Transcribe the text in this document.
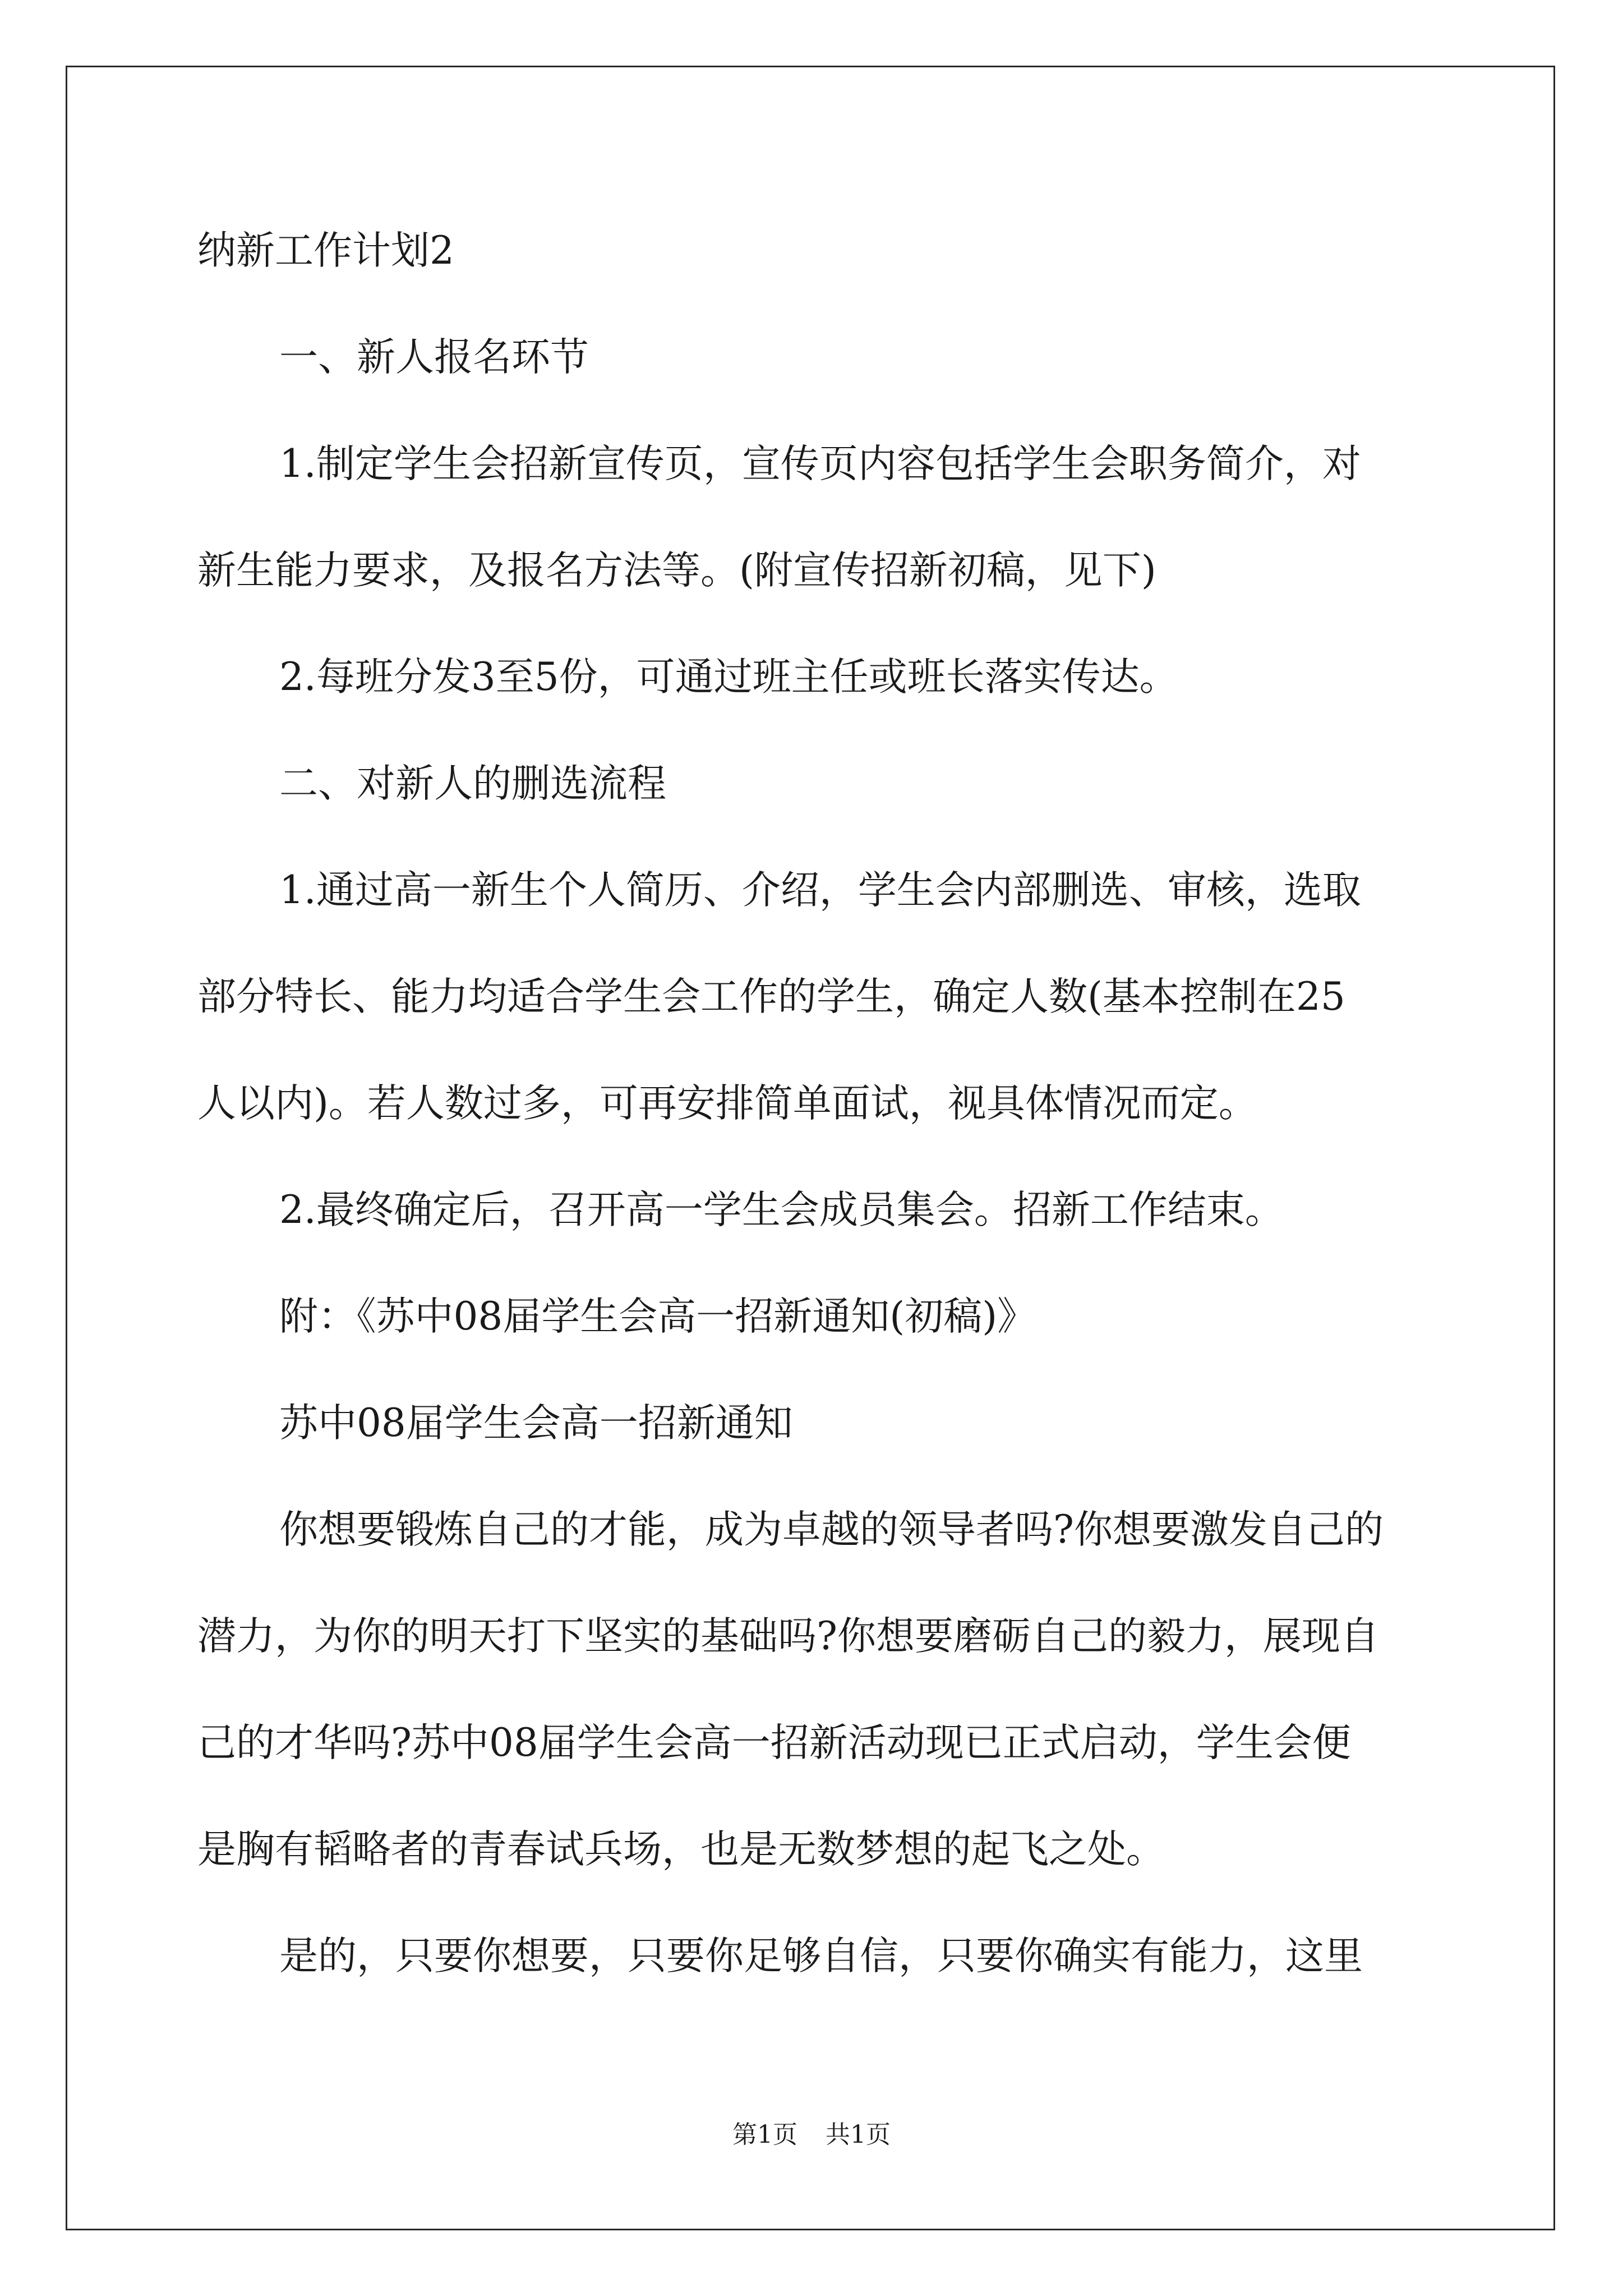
纳新工作计划2
一、新人报名环节
1.制定学生会招新宣传页，宣传页内容包括学生会职务简介，对
新生能力要求，及报名方法等。(附宣传招新初稿，见下)
2.每班分发3至5份，可通过班主任或班长落实传达。
二、对新人的删选流程
1.通过高一新生个人简历、介绍，学生会内部删选、审核，选取
部分特长、能力均适合学生会工作的学生，确定人数(基本控制在25
人以内)。若人数过多，可再安排简单面试，视具体情况而定。
2.最终确定后，召开高一学生会成员集会。招新工作结束。
附：《苏中08届学生会高一招新通知(初稿)》
苏中08届学生会高一招新通知
你想要锻炼自己的才能，成为卓越的领导者吗?你想要激发自己的
潜力，为你的明天打下坚实的基础吗?你想要磨砺自己的毅力，展现自
己的才华吗?苏中08届学生会高一招新活动现已正式启动，学生会便
是胸有韬略者的青春试兵场，也是无数梦想的起飞之处。
是的，只要你想要，只要你足够自信，只要你确实有能力，这里
第1页 共1页
